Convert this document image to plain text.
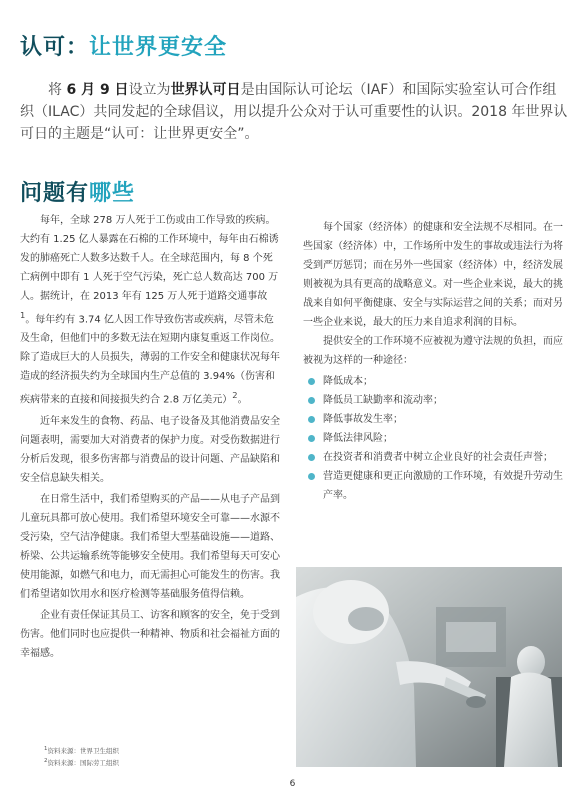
认可：让世界更安全

将 6 月 9 日设立为世界认可日是由国际认可论坛（IAF）和国际实验室认可合作组织（ILAC）共同发起的全球倡议，用以提升公众对于认可重要性的认识。2018 年世界认可日的主题是“认可：让世界更安全”。

问题有哪些

每年，全球 278 万人死于工伤或由工作导致的疾病。大约有 1.25 亿人暴露在石棉的工作环境中，每年由石棉诱发的肺癌死亡人数多达数千人。在全球范围内，每 8 个死亡病例中即有 1 人死于空气污染，死亡总人数高达 700 万人。据统计，在 2013 年有 125 万人死于道路交通事故$^1$。每年约有 3.74 亿人因工作导致伤害或疾病，尽管未危及生命，但他们中的多数无法在短期内康复重返工作岗位。除了造成巨大的人员损失，薄弱的工作安全和健康状况每年造成的经济损失约为全球国内生产总值的 3.94%（伤害和疾病带来的直接和间接损失约合 2.8 万亿美元）$^2$。

近年来发生的食物、药品、电子设备及其他消费品安全问题表明，需要加大对消费者的保护力度。对受伤数据进行分析后发现，很多伤害都与消费品的设计问题、产品缺陷和安全信息缺失相关。

在日常生活中，我们希望购买的产品——从电子产品到儿童玩具都可放心使用。我们希望环境安全可靠——水源不受污染，空气洁净健康。我们希望大型基础设施——道路、桥梁、公共运输系统等能够安全使用。我们希望每天可安心使用能源，如燃气和电力，而无需担心可能发生的伤害。我们希望诸如饮用水和医疗检测等基础服务值得信赖。

企业有责任保证其员工、访客和顾客的安全，免于受到伤害。他们同时也应提供一种精神、物质和社会福祉方面的幸福感。

每个国家（经济体）的健康和安全法规不尽相同。在一些国家（经济体）中，工作场所中发生的事故或违法行为将受到严厉惩罚；而在另外一些国家（经济体）中，经济发展则被视为具有更高的战略意义。对一些企业来说，最大的挑战来自如何平衡健康、安全与实际运营之间的关系；而对另一些企业来说，最大的压力来自追求利润的目标。

提供安全的工作环境不应被视为遵守法规的负担，而应被视为这样的一种途径：

降低成本；
降低员工缺勤率和流动率；
降低事故发生率；
降低法律风险；
在投资者和消费者中树立企业良好的社会责任声誉；
营造更健康和更正向激励的工作环境，有效提升劳动生产率。
$^1$资料来源：世界卫生组织
$^2$资料来源：国际劳工组织
6
